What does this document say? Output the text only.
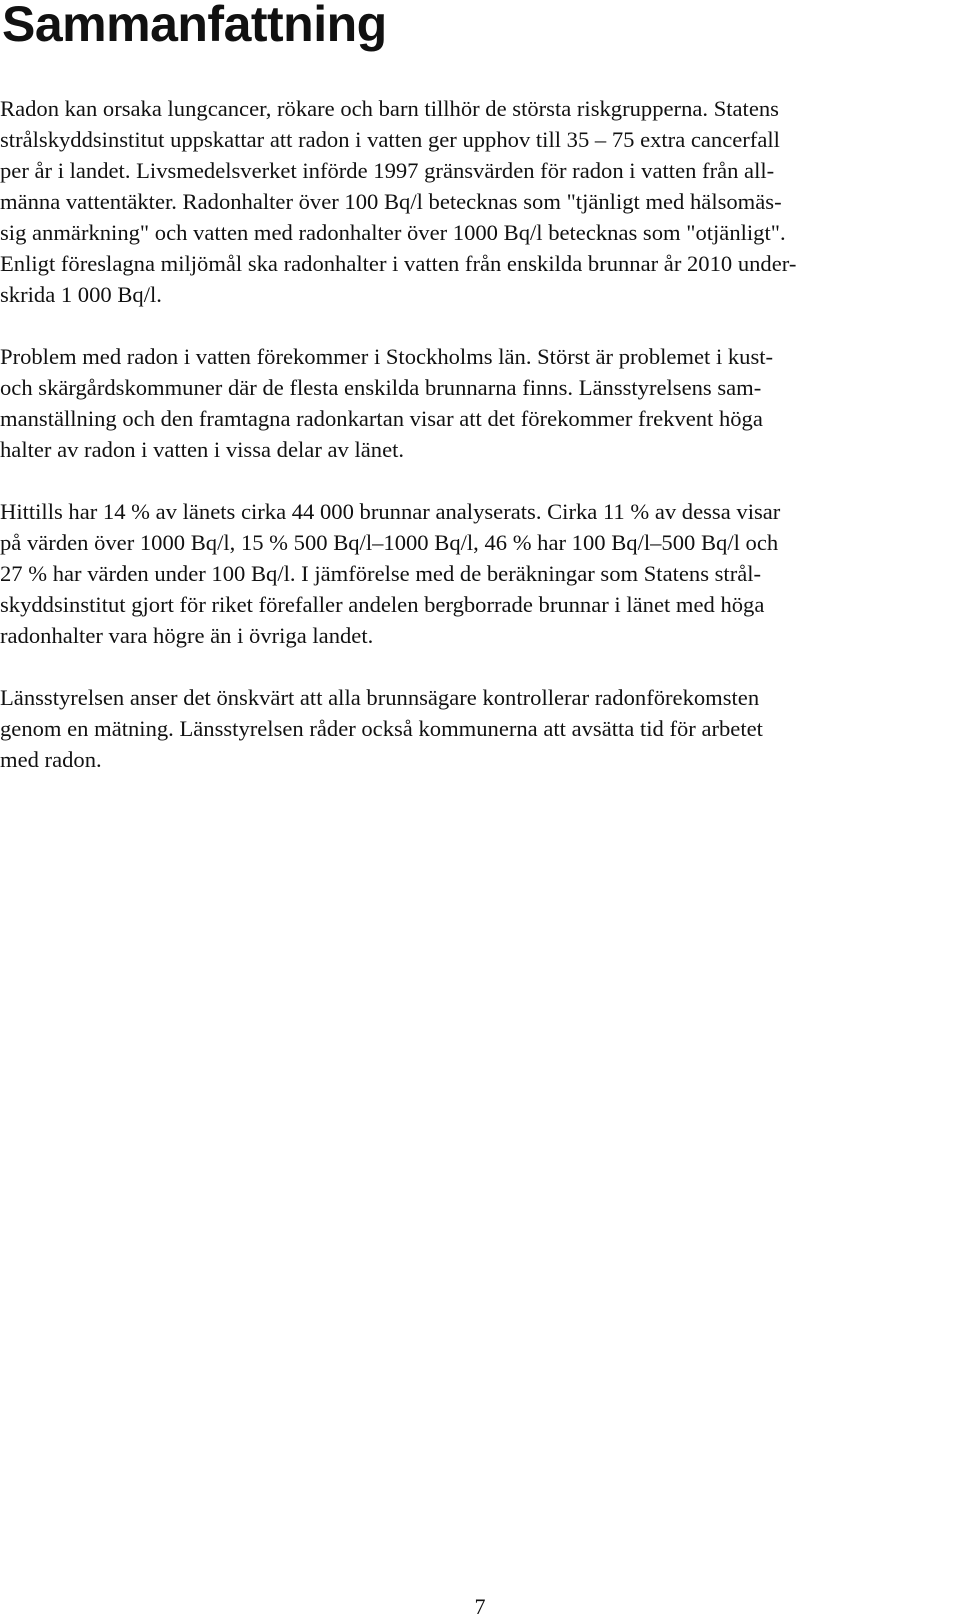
Sammanfattning

Radon kan orsaka lungcancer, rökare och barn tillhör de största riskgrupperna. Statens
strålskyddsinstitut uppskattar att radon i vatten ger upphov till 35 – 75 extra cancerfall
per år i landet. Livsmedelsverket införde 1997 gränsvärden för radon i vatten från all-
männa vattentäkter. Radonhalter över 100 Bq/l betecknas som "tjänligt med hälsomäs-
sig anmärkning" och vatten med radonhalter över 1000 Bq/l betecknas som "otjänligt".
Enligt föreslagna miljömål ska radonhalter i vatten från enskilda brunnar år 2010 under-
skrida 1 000 Bq/l.

Problem med radon i vatten förekommer i Stockholms län. Störst är problemet i kust-
och skärgårdskommuner där de flesta enskilda brunnarna finns. Länsstyrelsens sam-
manställning och den framtagna radonkartan visar att det förekommer frekvent höga
halter av radon i vatten i vissa delar av länet.

Hittills har 14 % av länets cirka 44 000 brunnar analyserats. Cirka 11 % av dessa visar
på värden över 1000 Bq/l, 15 % 500 Bq/l–1000 Bq/l, 46 % har 100 Bq/l–500 Bq/l och
27 % har värden under 100 Bq/l. I jämförelse med de beräkningar som Statens strål-
skyddsinstitut gjort för riket förefaller andelen bergborrade brunnar i länet med höga
radonhalter vara högre än i övriga landet.

Länsstyrelsen anser det önskvärt att alla brunnsägare kontrollerar radonförekomsten
genom en mätning. Länsstyrelsen råder också kommunerna att avsätta tid för arbetet
med radon.

7
